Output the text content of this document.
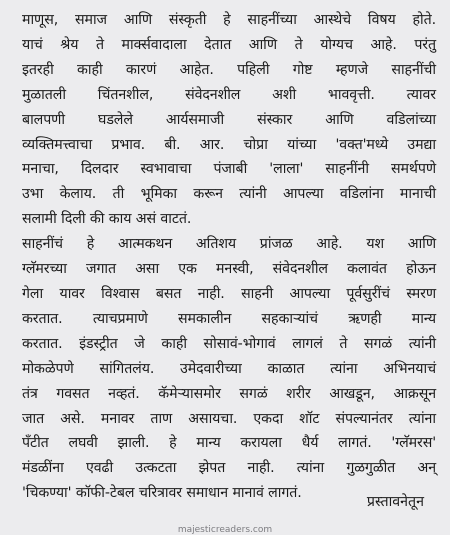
माणूस, समाज आणि संस्कृती हे साहनींच्या आस्थेचे विषय होते.
याचं श्रेय ते मार्क्सवादाला देतात आणि ते योग्यच आहे. परंतु
इतरही काही कारणं आहेत. पहिली गोष्ट म्हणजे साहनींची
मुळातली चिंतनशील, संवेदनशील अशी भाववृत्ती. त्यावर
बालपणी घडलेले आर्यसमाजी संस्कार आणि वडिलांच्या
व्यक्तिमत्त्वाचा प्रभाव. बी. आर. चोप्रा यांच्या 'वक्त'मध्ये उमद्या
मनाचा, दिलदार स्वभावाचा पंजाबी 'लाला' साहनींनी समर्थपणे
उभा केलाय. ती भूमिका करून त्यांनी आपल्या वडिलांना मानाची
सलामी दिली की काय असं वाटतं.

साहनींचं हे आत्मकथन अतिशय प्रांजळ आहे. यश आणि
ग्लॅमरच्या जगात असा एक मनस्वी, संवेदनशील कलावंत होऊन
गेला यावर विश्वास बसत नाही. साहनी आपल्या पूर्वसुरींचं स्मरण
करतात. त्याचप्रमाणे समकालीन सहकाऱ्यांचं ऋणही मान्य
करतात. इंडस्ट्रीत जे काही सोसावं-भोगावं लागलं ते सगळं त्यांनी
मोकळेपणे सांगितलंय. उमेदवारीच्या काळात त्यांना अभिनयाचं
तंत्र गवसत नव्हतं. कॅमेऱ्यासमोर सगळं शरीर आखडून, आक्रसून
जात असे. मनावर ताण असायचा. एकदा शॉट संपल्यानंतर त्यांना
पँटीत लघवी झाली. हे मान्य करायला धैर्य लागतं. 'ग्लॅमरस'
मंडळींना एवढी उत्कटता झेपत नाही. त्यांना गुळगुळीत अन्
'चिकण्या' कॉफी-टेबल चरित्रावर समाधान मानावं लागतं.

प्रस्तावनेतून
majesticreaders.com
